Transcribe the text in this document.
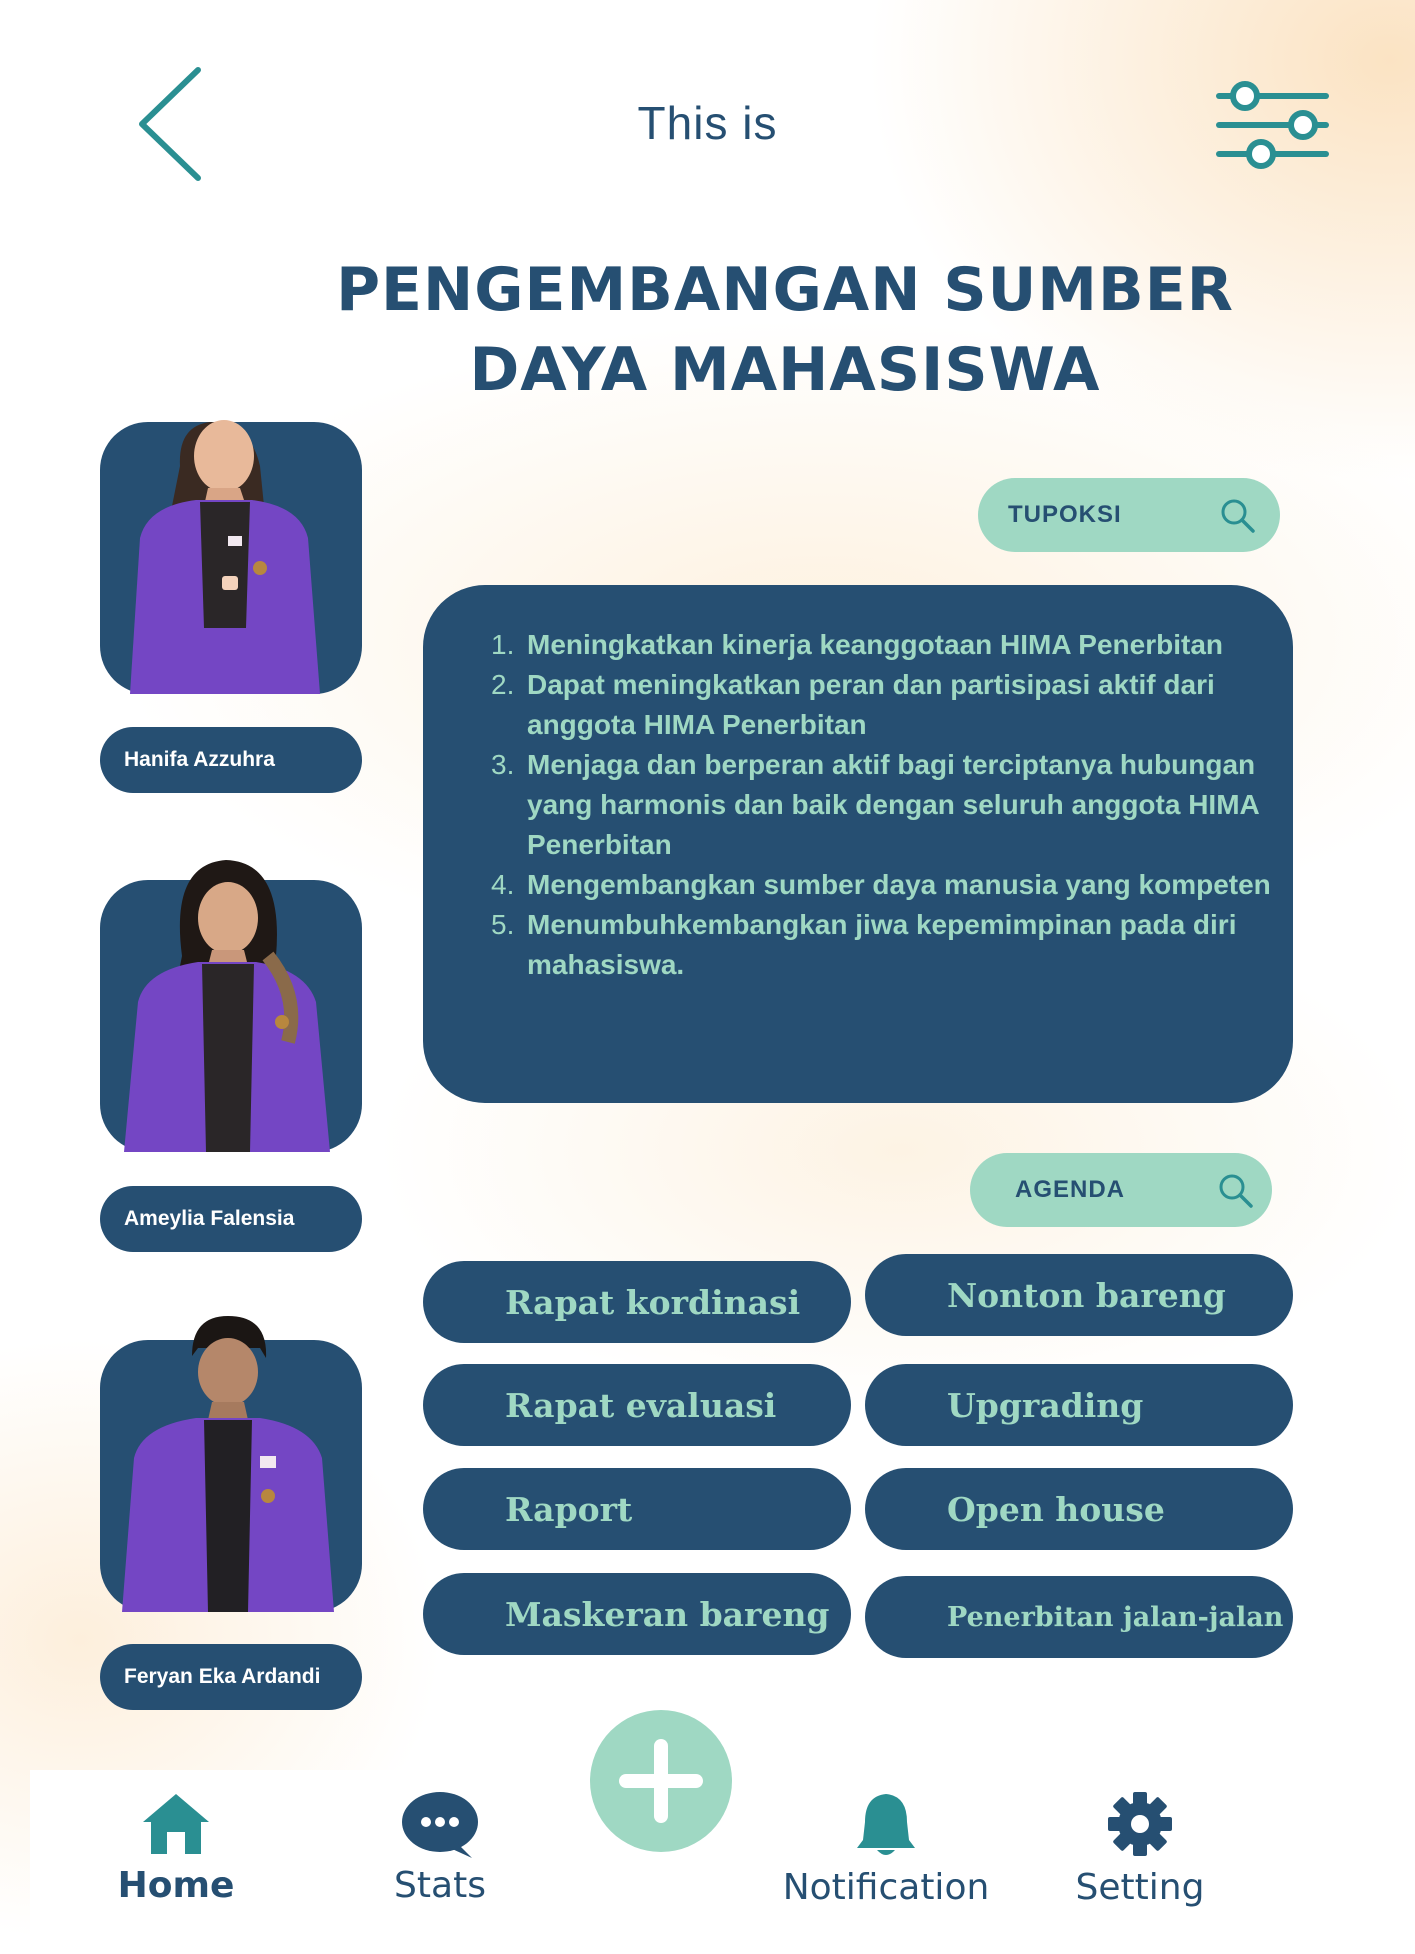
This is
PENGEMBANGAN SUMBER
DAYA MAHASISWA
Hanifa Azzuhra
Ameylia Falensia
Feryan Eka Ardandi
TUPOKSI
1. Meningkatkan kinerja keanggotaan HIMA Penerbitan
2. Dapat meningkatkan peran dan partisipasi aktif dari anggota HIMA Penerbitan
3. Menjaga dan berperan aktif bagi terciptanya hubungan yang harmonis dan baik dengan seluruh anggota HIMA Penerbitan
4. Mengembangkan sumber daya manusia yang kompeten
5. Menumbuhkembangkan jiwa kepemimpinan pada diri mahasiswa.
AGENDA
Rapat kordinasi	Nonton bareng
Rapat evaluasi	Upgrading
Raport	Open house
Maskeran bareng	Penerbitan jalan-jalan
Home	Stats	Notification	Setting
